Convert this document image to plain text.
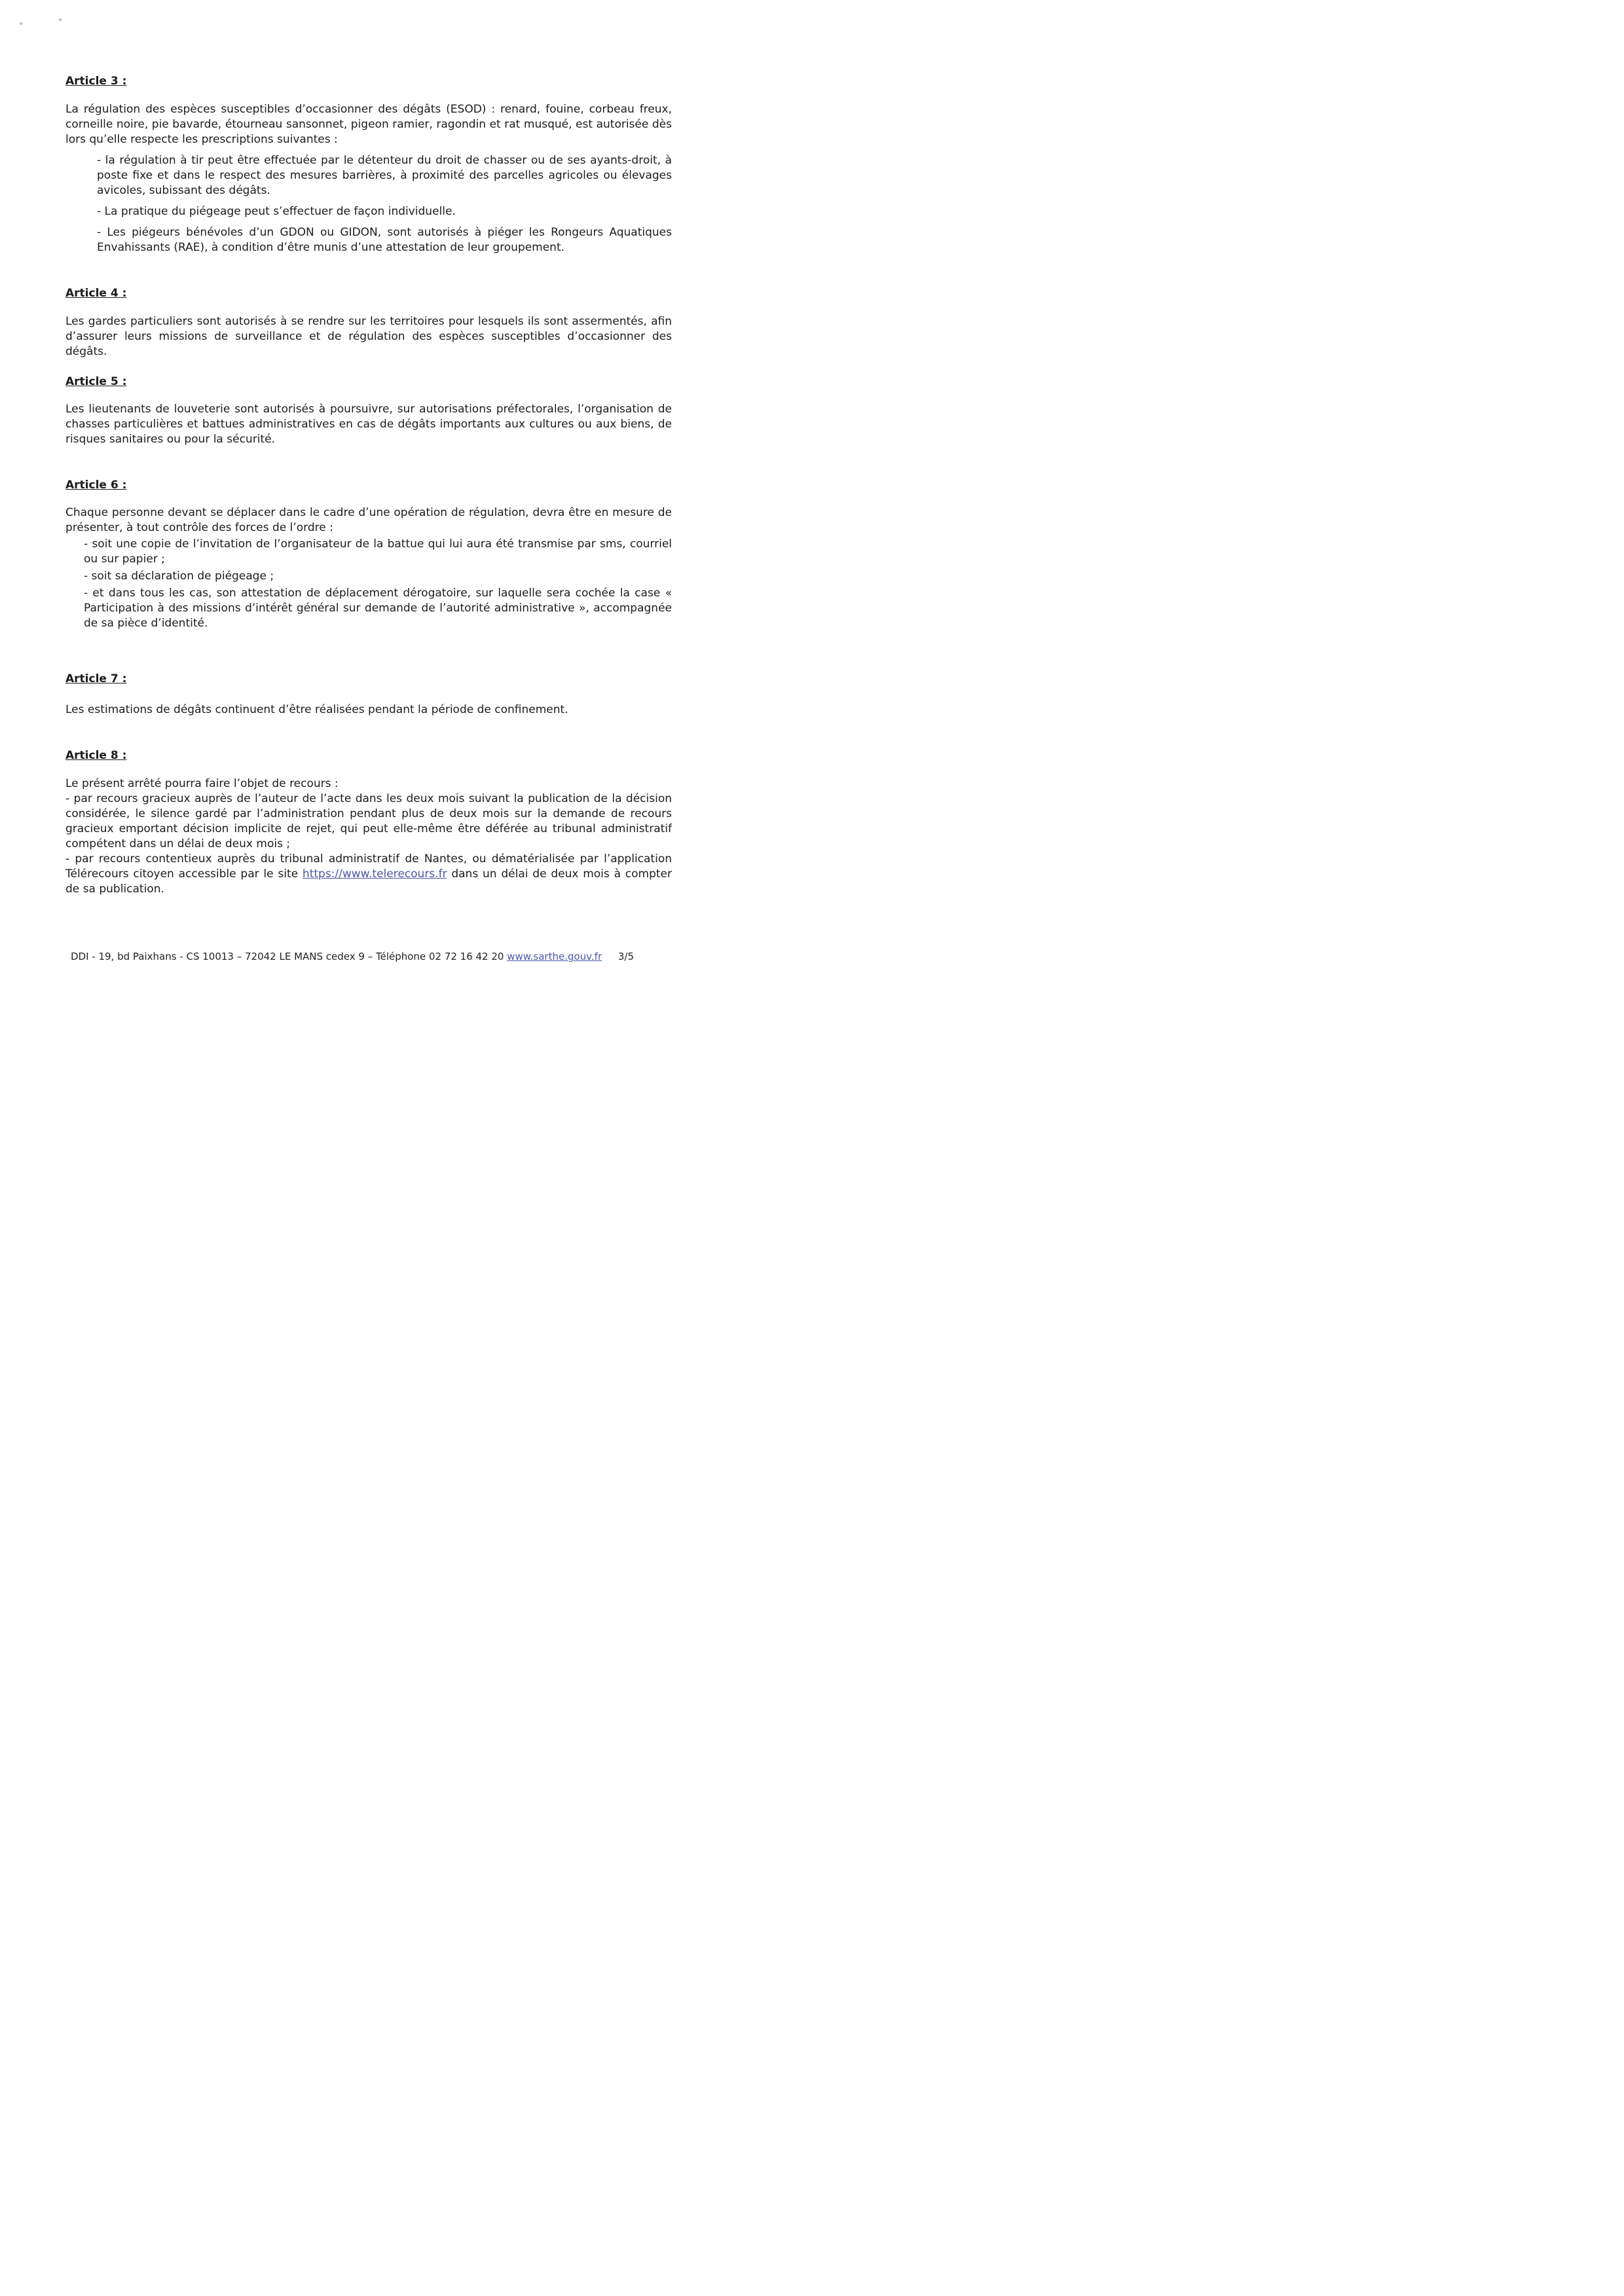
Article 3 :

La régulation des espèces susceptibles d’occasionner des dégâts (ESOD) : renard, fouine, corbeau freux, corneille noire, pie bavarde, étourneau sansonnet, pigeon ramier, ragondin et rat musqué, est autorisée dès lors qu’elle respecte les prescriptions suivantes :

- la régulation à tir peut être effectuée par le détenteur du droit de chasser ou de ses ayants-droit, à poste fixe et dans le respect des mesures barrières, à proximité des parcelles agricoles ou élevages avicoles, subissant des dégâts.

- La pratique du piégeage peut s’effectuer de façon individuelle.

- Les piégeurs bénévoles d’un GDON ou GIDON, sont autorisés à piéger les Rongeurs Aquatiques Envahissants (RAE), à condition d’être munis d’une attestation de leur groupement.

Article 4 :

Les gardes particuliers sont autorisés à se rendre sur les territoires pour lesquels ils sont assermentés, afin d’assurer leurs missions de surveillance et de régulation des espèces susceptibles d’occasionner des dégâts.

Article 5 :

Les lieutenants de louveterie sont autorisés à poursuivre, sur autorisations préfectorales, l’organisation de chasses particulières et battues administratives en cas de dégâts importants aux cultures ou aux biens, de risques sanitaires ou pour la sécurité.

Article 6 :

Chaque personne devant se déplacer dans le cadre d’une opération de régulation, devra être en mesure de présenter, à tout contrôle des forces de l’ordre :

- soit une copie de l’invitation de l’organisateur de la battue qui lui aura été transmise par sms, courriel ou sur papier ;

- soit sa déclaration de piégeage ;

- et dans tous les cas, son attestation de déplacement dérogatoire, sur laquelle sera cochée la case « Participation à des missions d’intérêt général sur demande de l’autorité administrative », accompagnée de sa pièce d’identité.

Article 7 :

Les estimations de dégâts continuent d’être réalisées pendant la période de confinement.

Article 8 :

Le présent arrêté pourra faire l’objet de recours :

- par recours gracieux auprès de l’auteur de l’acte dans les deux mois suivant la publication de la décision considérée, le silence gardé par l’administration pendant plus de deux mois sur la demande de recours gracieux emportant décision implicite de rejet, qui peut elle-même être déférée au tribunal administratif compétent dans un délai de deux mois ;

- par recours contentieux auprès du tribunal administratif de Nantes, ou dématérialisée par l’application Télérecours citoyen accessible par le site https://www.telerecours.fr dans un délai de deux mois à compter de sa publication.

DDI - 19, bd Paixhans - CS 10013 – 72042 LE MANS cedex 9 – Téléphone 02 72 16 42 20 www.sarthe.gouv.fr 3/5
